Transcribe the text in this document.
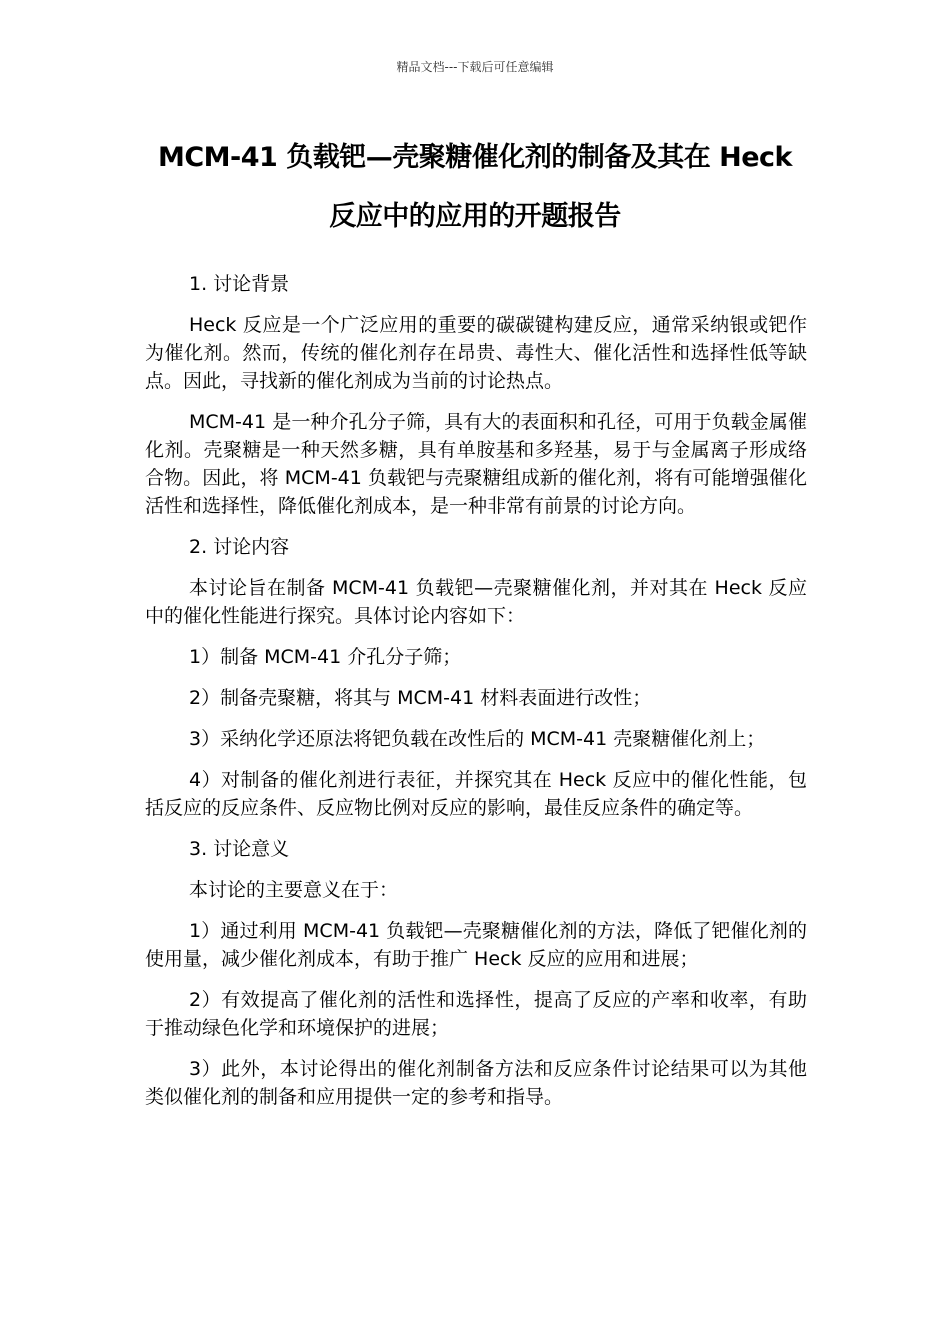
精品文档---下载后可任意编辑
MCM-41 负载钯—壳聚糖催化剂的制备及其在 Heck 反应中的应用的开题报告

1. 讨论背景

Heck 反应是一个广泛应用的重要的碳碳键构建反应，通常采纳银或钯作为催化剂。然而，传统的催化剂存在昂贵、毒性大、催化活性和选择性低等缺点。因此，寻找新的催化剂成为当前的讨论热点。

MCM-41 是一种介孔分子筛，具有大的表面积和孔径，可用于负载金属催化剂。壳聚糖是一种天然多糖，具有单胺基和多羟基，易于与金属离子形成络合物。因此，将 MCM-41 负载钯与壳聚糖组成新的催化剂，将有可能增强催化活性和选择性，降低催化剂成本，是一种非常有前景的讨论方向。

2. 讨论内容

本讨论旨在制备 MCM-41 负载钯—壳聚糖催化剂，并对其在 Heck 反应中的催化性能进行探究。具体讨论内容如下：

1）制备 MCM-41 介孔分子筛；

2）制备壳聚糖，将其与 MCM-41 材料表面进行改性；

3）采纳化学还原法将钯负载在改性后的 MCM-41 壳聚糖催化剂上；

4）对制备的催化剂进行表征，并探究其在 Heck 反应中的催化性能，包括反应的反应条件、反应物比例对反应的影响，最佳反应条件的确定等。

3. 讨论意义

本讨论的主要意义在于：

1）通过利用 MCM-41 负载钯—壳聚糖催化剂的方法，降低了钯催化剂的使用量，减少催化剂成本，有助于推广 Heck 反应的应用和进展；

2）有效提高了催化剂的活性和选择性，提高了反应的产率和收率，有助于推动绿色化学和环境保护的进展；

3）此外，本讨论得出的催化剂制备方法和反应条件讨论结果可以为其他类似催化剂的制备和应用提供一定的参考和指导。
